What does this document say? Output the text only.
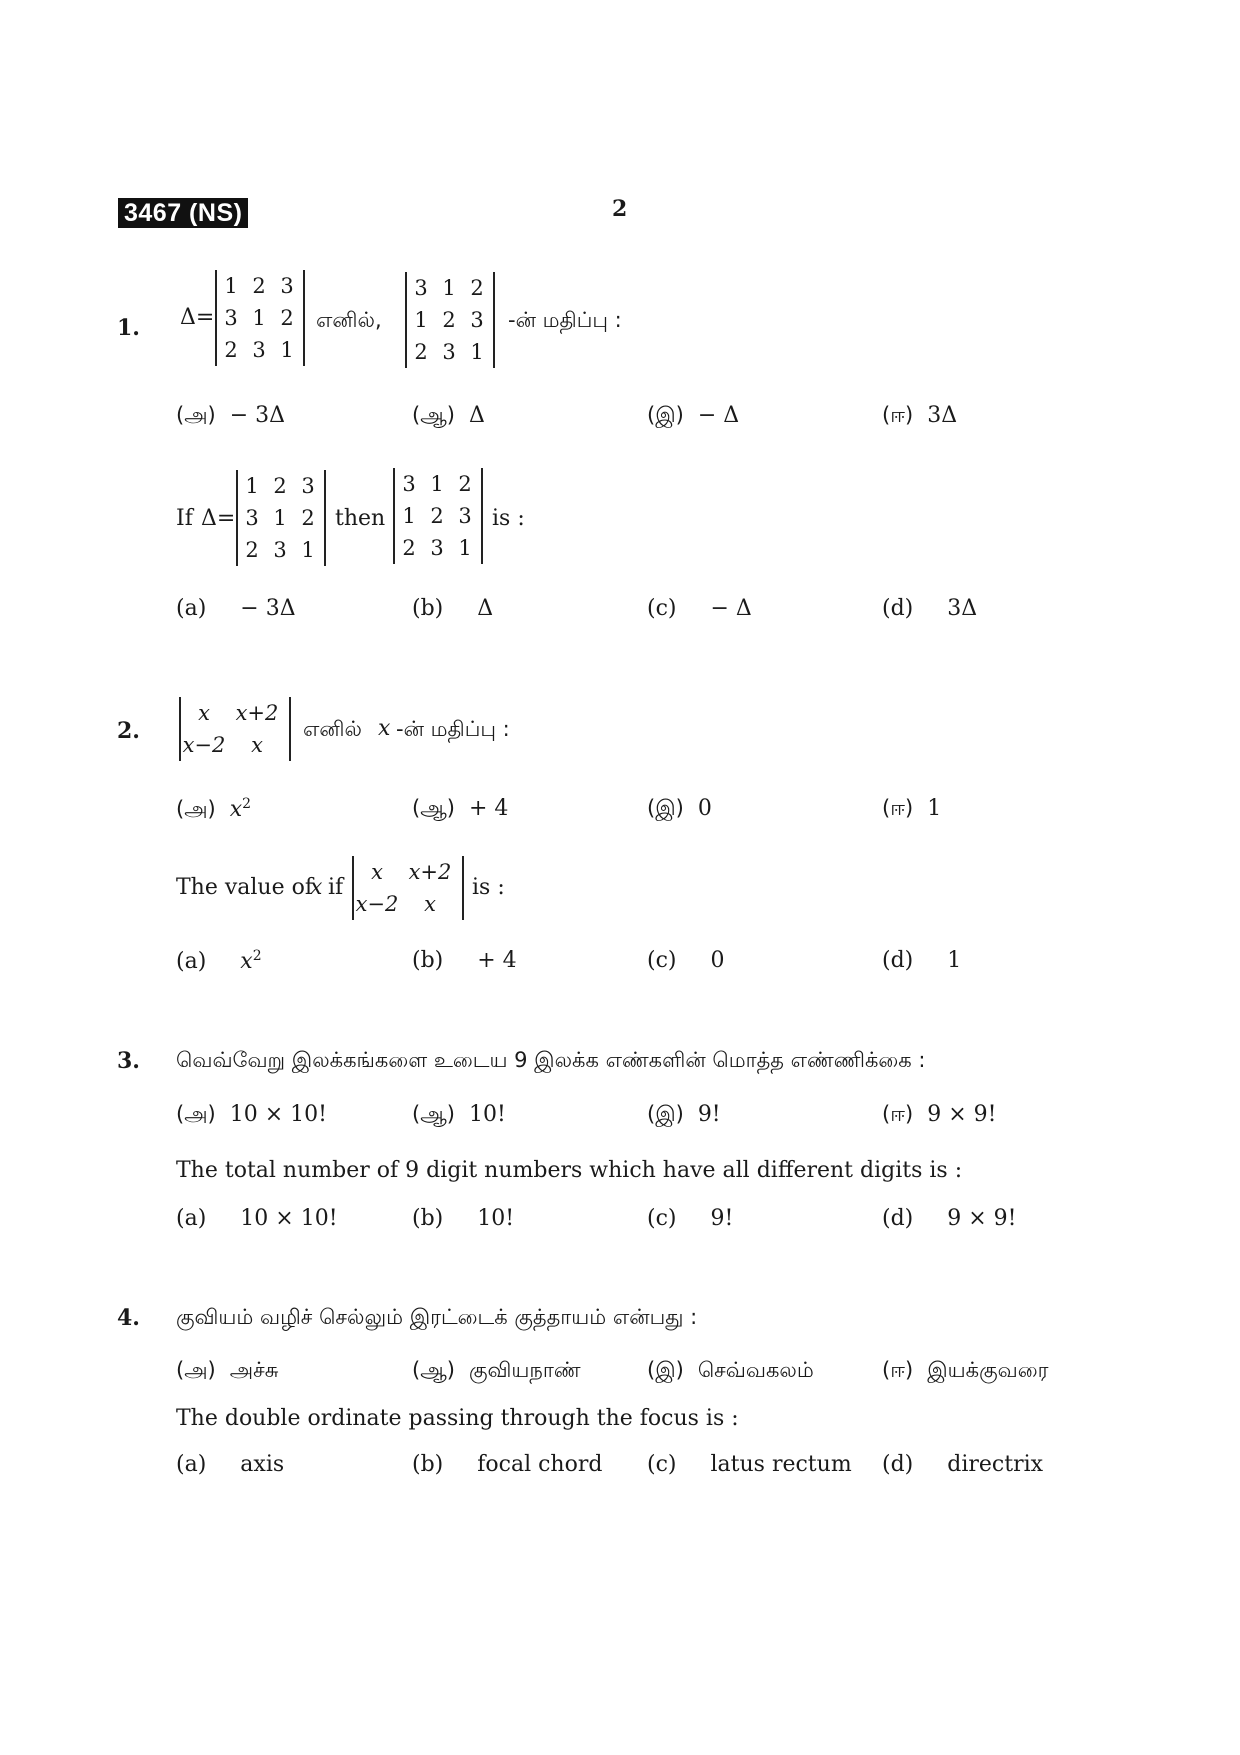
3467 (NS)	2
1. Δ=
1	2	3
3	1	2
2	3	1
எனில்,
3	1	2
1	2	3
2	3	1
-ன் மதிப்பு :
(அ) − 3Δ	(ஆ) Δ	(இ) − Δ	(ஈ) 3Δ
If Δ=
1	2	3
3	1	2
2	3	1
then
3	1	2
1	2	3
2	3	1
is :
(a) − 3Δ	(b) Δ	(c) − Δ	(d) 3Δ
2.
x	x+2
x−2	x
எனில் x -ன் மதிப்பு :
(அ) $x^2$	(ஆ) + 4	(இ) 0	(ஈ) 1
The value of
x if
x	x+2
x−2	x
is :
(a) $x^2$	(b) + 4	(c) 0	(d) 1
3. வெவ்வேறு இலக்கங்களை உடைய 9 இலக்க எண்களின் மொத்த எண்ணிக்கை :
(அ) 10 × 10!	(ஆ) 10!	(இ) 9!	(ஈ) 9 × 9!
The total number of 9 digit numbers which have all different digits is :
(a) 10 × 10!	(b) 10!	(c) 9!	(d) 9 × 9!
4. குவியம் வழிச் செல்லும் இரட்டைக் குத்தாயம் என்பது :
(அ) அச்சு	(ஆ) குவியநாண்	(இ) செவ்வகலம்	(ஈ) இயக்குவரை
The double ordinate passing through the focus is :
(a) axis	(b) focal chord (c) latus rectum (d) directrix
